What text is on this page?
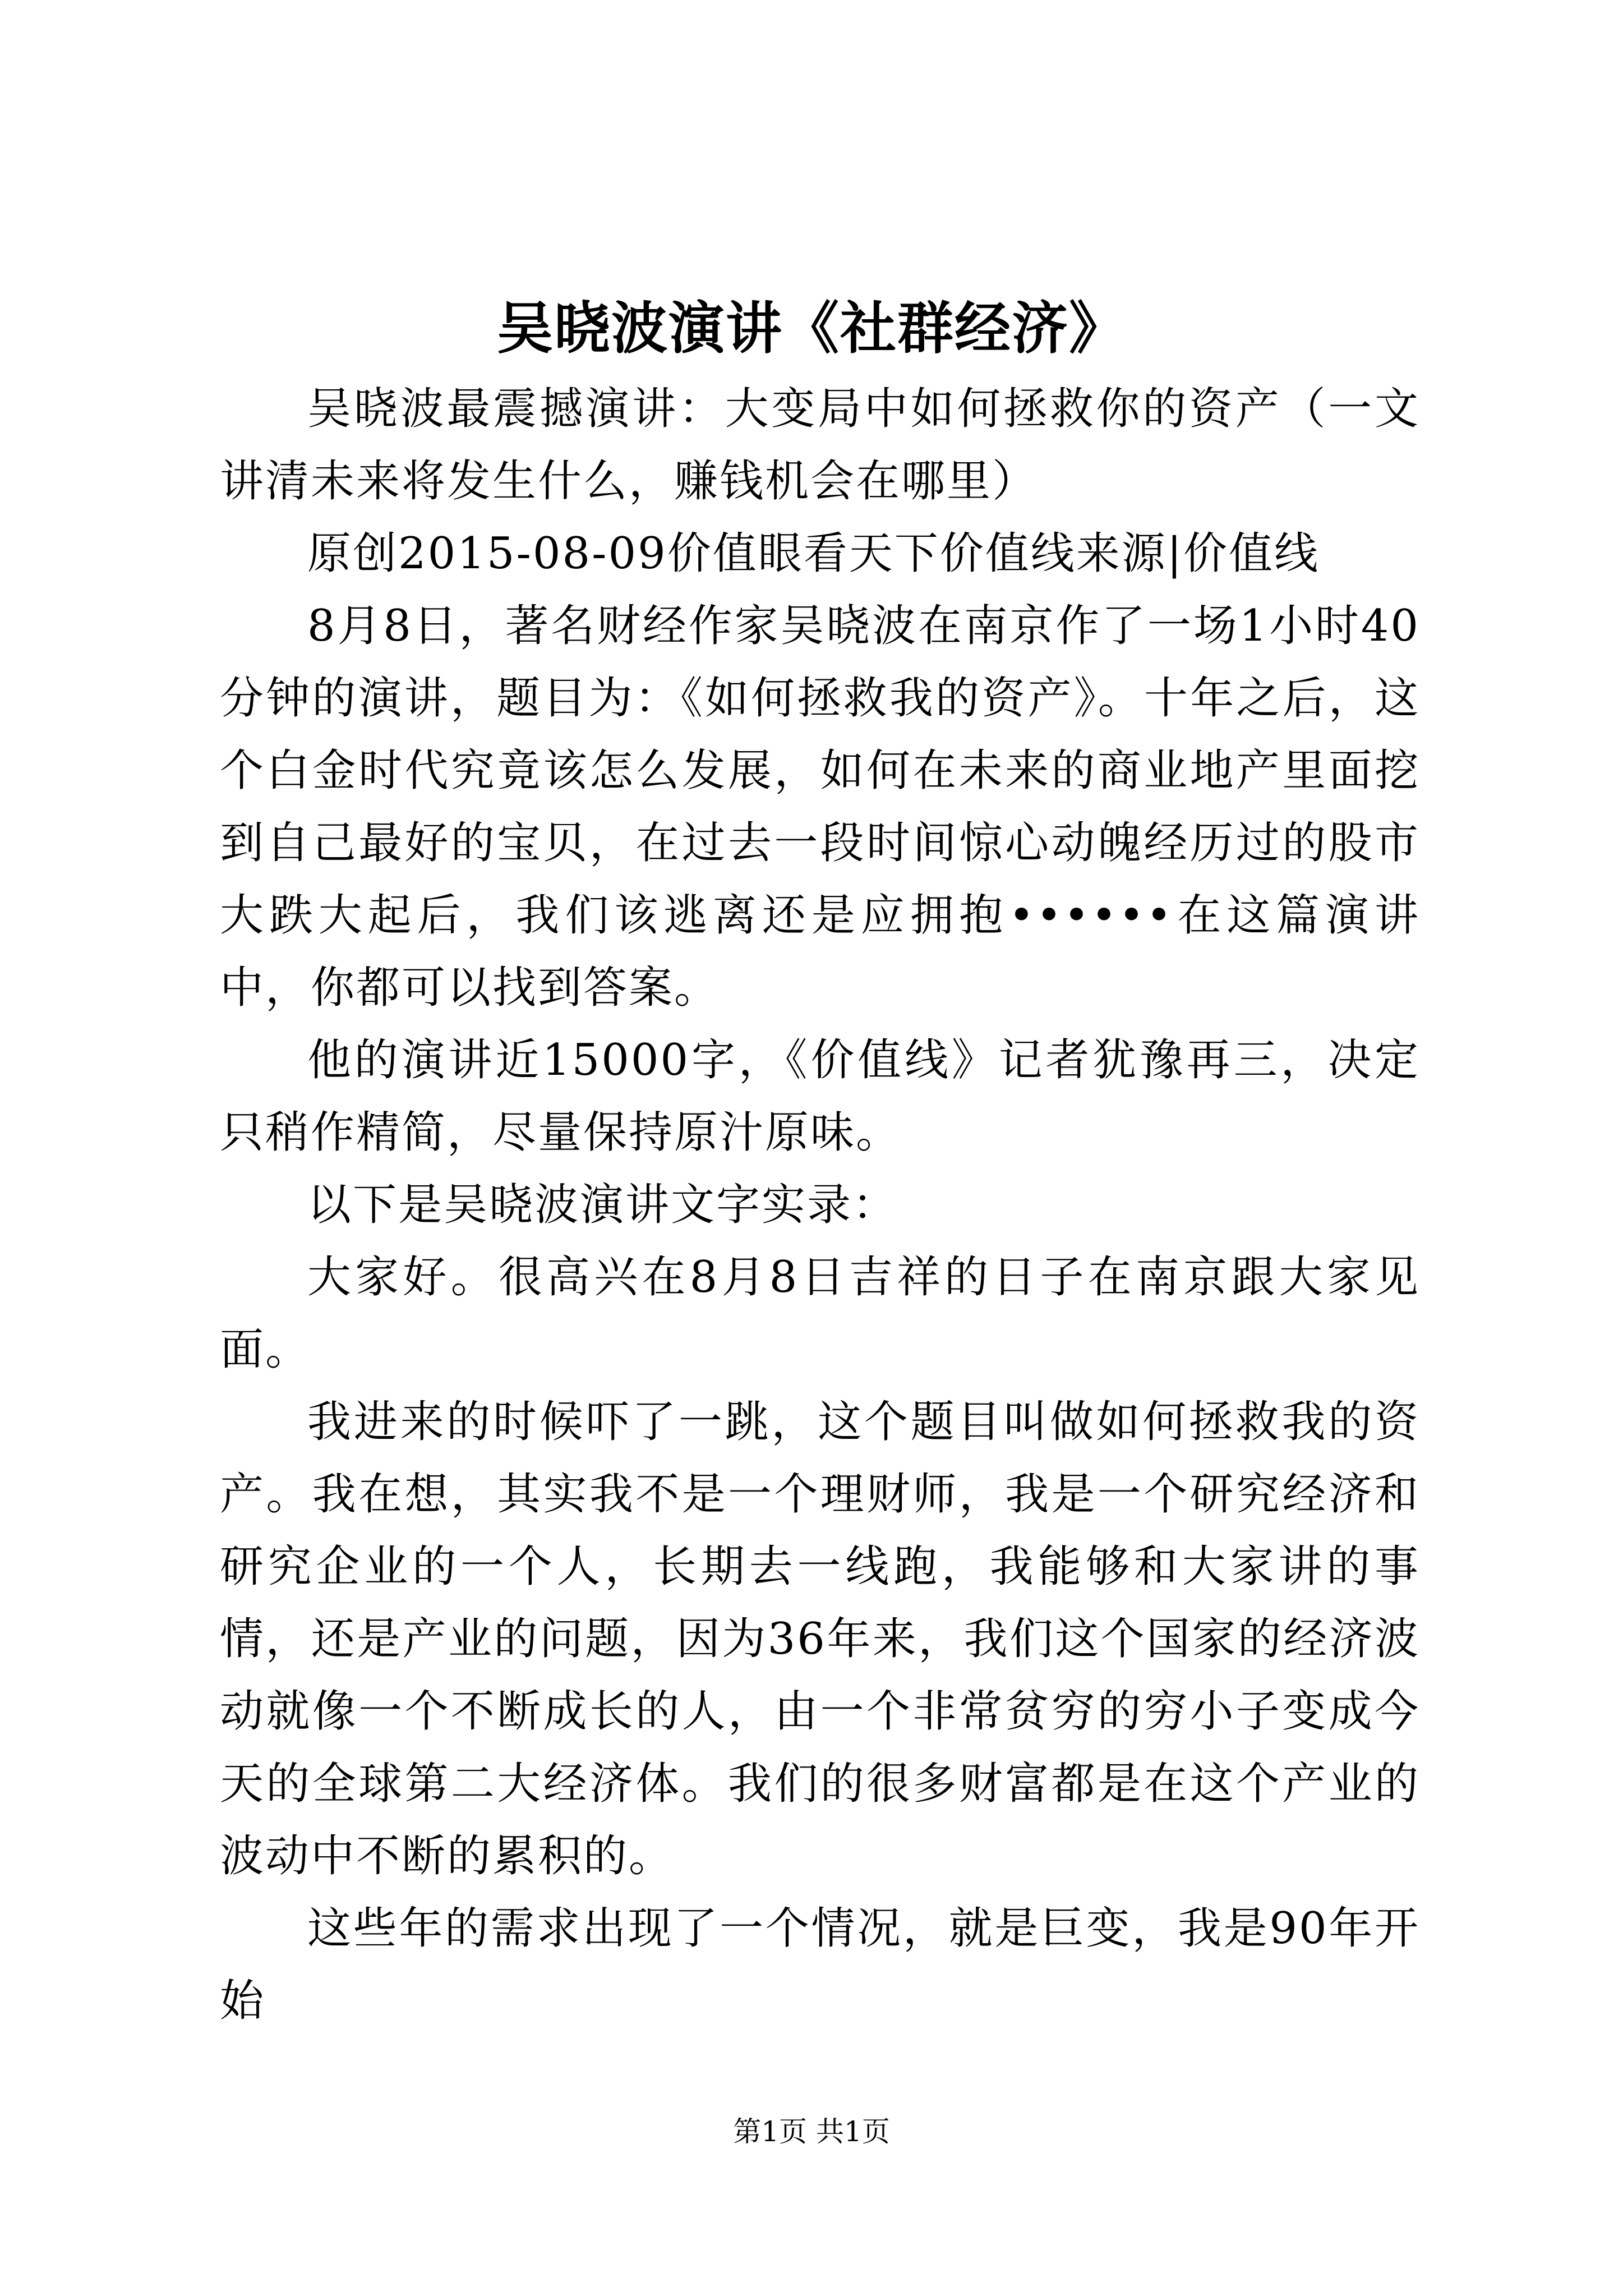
吴晓波演讲《社群经济》

吴晓波最震撼演讲：大变局中如何拯救你的资产（一文讲清未来将发生什么，赚钱机会在哪里）

原创2015-08-09价值眼看天下价值线来源|价值线

8月8日，著名财经作家吴晓波在南京作了一场1小时40分钟的演讲，题目为：《如何拯救我的资产》。十年之后，这个白金时代究竟该怎么发展，如何在未来的商业地产里面挖到自己最好的宝贝，在过去一段时间惊心动魄经历过的股市大跌大起后，我们该逃离还是应拥抱••••••在这篇演讲中，你都可以找到答案。

他的演讲近15000字，《价值线》记者犹豫再三，决定只稍作精简，尽量保持原汁原味。

以下是吴晓波演讲文字实录：

大家好。很高兴在8月8日吉祥的日子在南京跟大家见面。

我进来的时候吓了一跳，这个题目叫做如何拯救我的资产。我在想，其实我不是一个理财师，我是一个研究经济和研究企业的一个人，长期去一线跑，我能够和大家讲的事情，还是产业的问题，因为36年来，我们这个国家的经济波动就像一个不断成长的人，由一个非常贫穷的穷小子变成今天的全球第二大经济体。我们的很多财富都是在这个产业的波动中不断的累积的。

这些年的需求出现了一个情况，就是巨变，我是90年开始

第1页 共1页
